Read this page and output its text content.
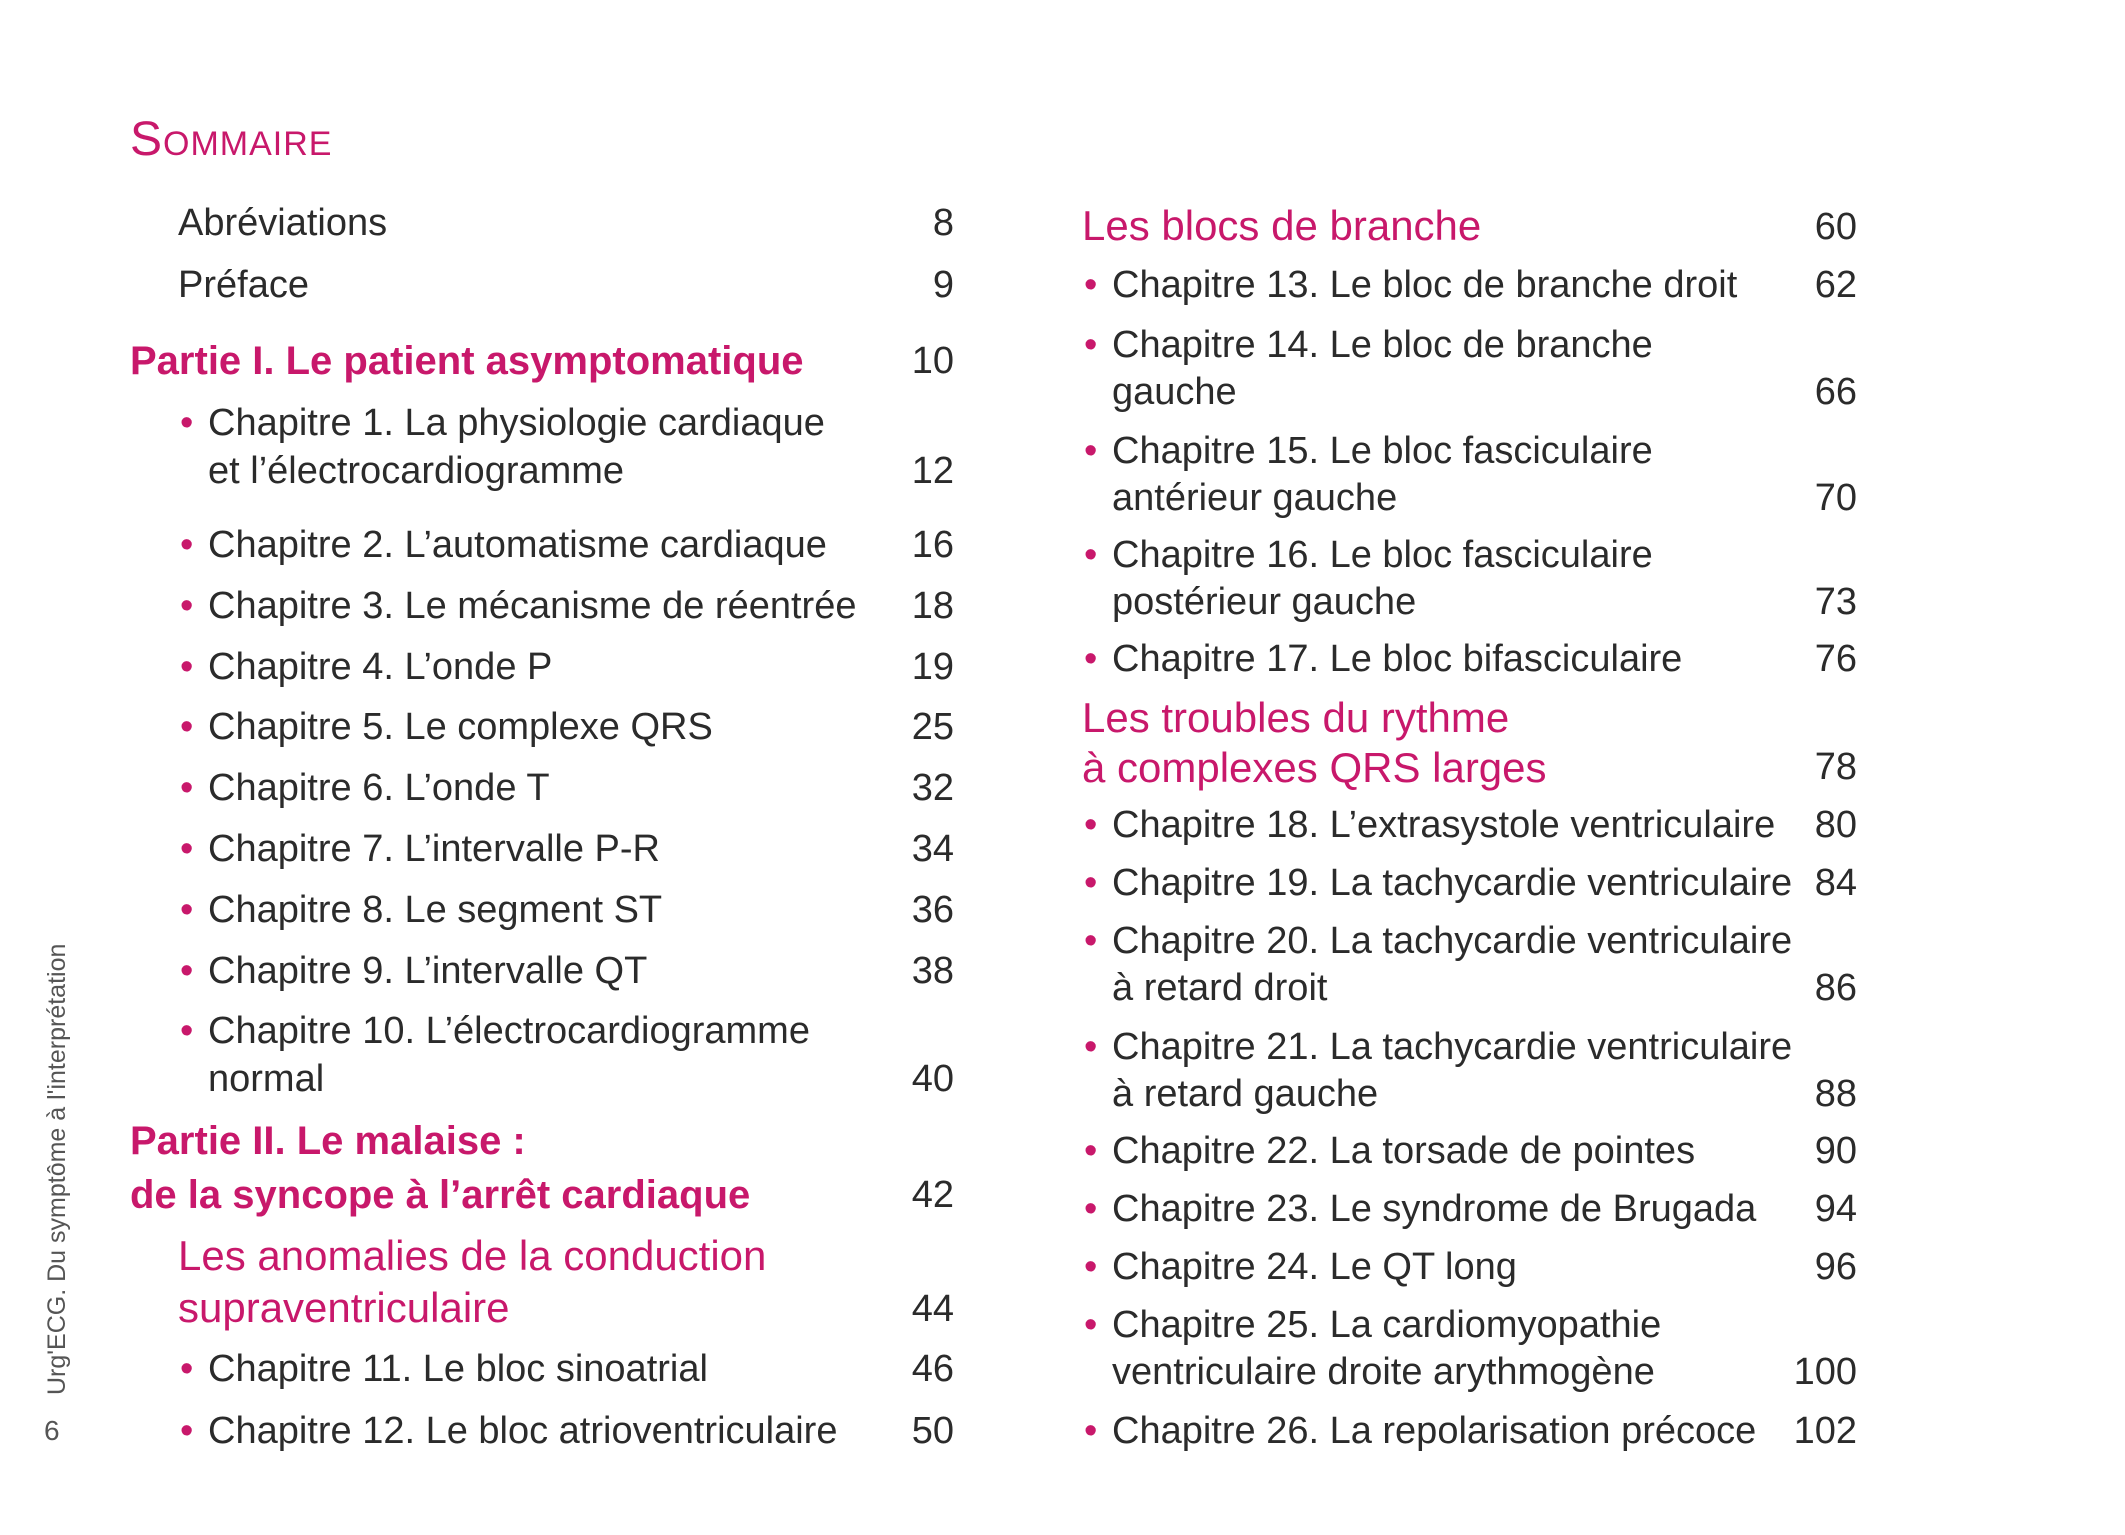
Sommaire
Urg'ECG. Du symptôme à l'interprétation
6
Abréviations	8
Préface	9
Partie I. Le patient asymptomatique	10
• Chapitre 1. La physiologie cardiaque
et l’électrocardiogramme	12
• Chapitre 2. L’automatisme cardiaque	16
• Chapitre 3. Le mécanisme de réentrée	18
• Chapitre 4. L’onde P	19
• Chapitre 5. Le complexe QRS	25
• Chapitre 6. L’onde T	32
• Chapitre 7. L’intervalle P-R	34
• Chapitre 8. Le segment ST	36
• Chapitre 9. L’intervalle QT	38
• Chapitre 10. L’électrocardiogramme
normal	40
Partie II. Le malaise :
de la syncope à l’arrêt cardiaque	42
Les anomalies de la conduction
supraventriculaire	44
• Chapitre 11. Le bloc sinoatrial	46
• Chapitre 12. Le bloc atrioventriculaire	50
Les blocs de branche	60
• Chapitre 13. Le bloc de branche droit	62
• Chapitre 14. Le bloc de branche
gauche	66
• Chapitre 15. Le bloc fasciculaire
antérieur gauche	70
• Chapitre 16. Le bloc fasciculaire
postérieur gauche	73
• Chapitre 17. Le bloc bifasciculaire	76
Les troubles du rythme
à complexes QRS larges	78
• Chapitre 18. L’extrasystole ventriculaire	80
• Chapitre 19. La tachycardie ventriculaire 84
• Chapitre 20. La tachycardie ventriculaire
à retard droit	86
• Chapitre 21. La tachycardie ventriculaire
à retard gauche	88
• Chapitre 22. La torsade de pointes	90
• Chapitre 23. Le syndrome de Brugada	94
• Chapitre 24. Le QT long	96
• Chapitre 25. La cardiomyopathie
ventriculaire droite arythmogène	100
• Chapitre 26. La repolarisation précoce 102
